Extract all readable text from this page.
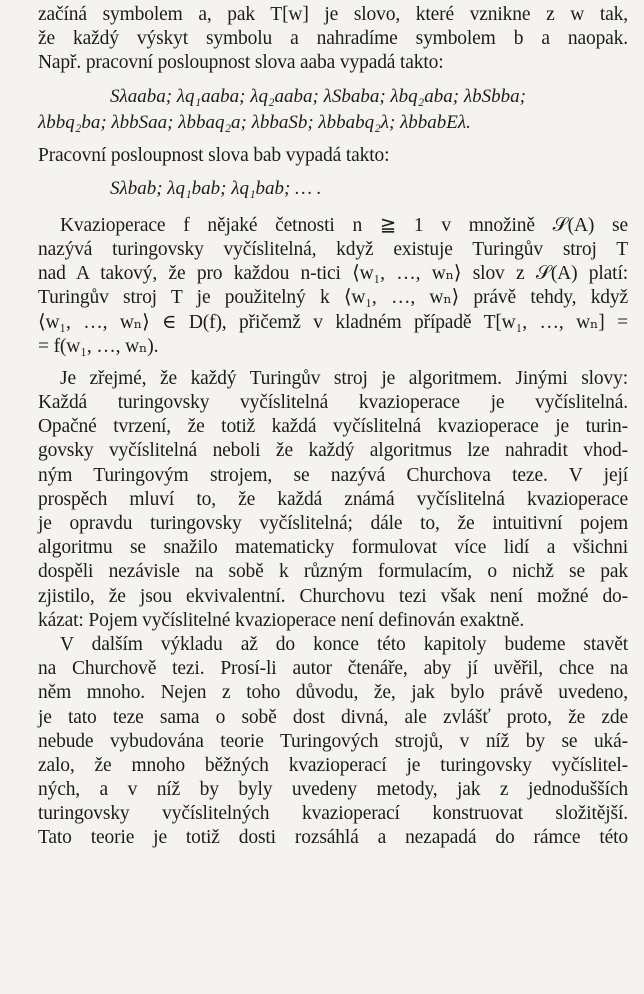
začíná symbolem a, pak T[w] je slovo, které vznikne z w tak,
že každý výskyt symbolu a nahradíme symbolem b a naopak.
Např. pracovní posloupnost slova aaba vypadá takto:
Sλaaba; λq₁aaba; λq₂aaba; λSbaba; λbq₂aba; λbSbba;
λbbq₂ba; λbbSaa; λbbaq₂a; λbbaSb; λbbabq₂λ; λbbabEλ.
Pracovní posloupnost slova bab vypadá takto:
Sλbab; λq₁bab; λq₁bab; … .
Kvazioperace f nějaké četnosti n ≧ 1 v množině 𝒮(A) se
nazývá turingovsky vyčíslitelná, když existuje Turingův stroj T
nad A takový, že pro každou n-tici ⟨w₁, …, wₙ⟩ slov z 𝒮(A) platí:
Turingův stroj T je použitelný k ⟨w₁, …, wₙ⟩ právě tehdy, když
⟨w₁, …, wₙ⟩ ∈ D(f), přičemž v kladném případě T[w₁, …, wₙ] =
= f(w₁, …, wₙ).
Je zřejmé, že každý Turingův stroj je algoritmem. Jinými slovy:
Každá turingovsky vyčíslitelná kvazioperace je vyčíslitelná.
Opačné tvrzení, že totiž každá vyčíslitelná kvazioperace je turin-
govsky vyčíslitelná neboli že každý algoritmus lze nahradit vhod-
ným Turingovým strojem, se nazývá Churchova teze. V její
prospěch mluví to, že každá známá vyčíslitelná kvazioperace
je opravdu turingovsky vyčíslitelná; dále to, že intuitivní pojem
algoritmu se snažilo matematicky formulovat více lidí a všichni
dospěli nezávisle na sobě k různým formulacím, o nichž se pak
zjistilo, že jsou ekvivalentní. Churchovu tezi však není možné do-
kázat: Pojem vyčíslitelné kvazioperace není definován exaktně.
V dalším výkladu až do konce této kapitoly budeme stavět
na Churchově tezi. Prosí-li autor čtenáře, aby jí uvěřil, chce na
něm mnoho. Nejen z toho důvodu, že, jak bylo právě uvedeno,
je tato teze sama o sobě dost divná, ale zvlášť proto, že zde
nebude vybudována teorie Turingových strojů, v níž by se uká-
zalo, že mnoho běžných kvazioperací je turingovsky vyčíslitel-
ných, a v níž by byly uvedeny metody, jak z jednodušších
turingovsky vyčíslitelných kvazioperací konstruovat složitější.
Tato teorie je totiž dosti rozsáhlá a nezapadá do rámce této
